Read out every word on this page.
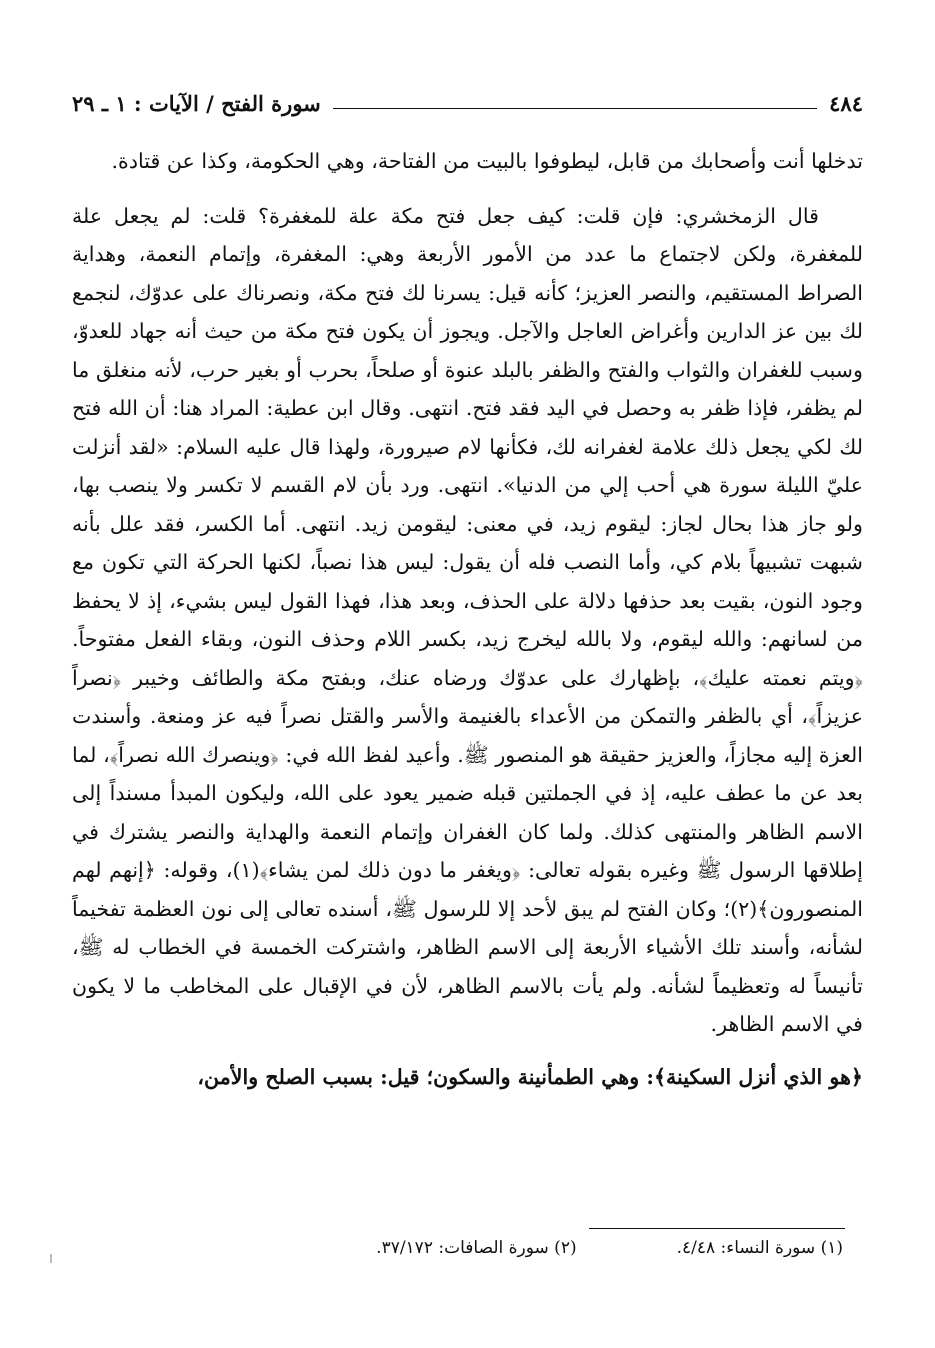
٤٨٤
سورة الفتح / الآيات : ١ ـ ٢٩

تدخلها أنت وأصحابك من قابل، ليطوفوا بالبيت من الفتاحة، وهي الحكومة، وكذا عن قتادة.

قال الزمخشري: فإن قلت: كيف جعل فتح مكة علة للمغفرة؟ قلت: لم يجعل علة للمغفرة، ولكن لاجتماع ما عدد من الأمور الأربعة وهي: المغفرة، وإتمام النعمة، وهداية الصراط المستقيم، والنصر العزيز؛ كأنه قيل: يسرنا لك فتح مكة، ونصرناك على عدوّك، لنجمع لك بين عز الدارين وأغراض العاجل والآجل. ويجوز أن يكون فتح مكة من حيث أنه جهاد للعدوّ، وسبب للغفران والثواب والفتح والظفر بالبلد عنوة أو صلحاً، بحرب أو بغير حرب، لأنه منغلق ما لم يظفر، فإذا ظفر به وحصل في اليد فقد فتح. انتهى. وقال ابن عطية: المراد هنا: أن الله فتح لك لكي يجعل ذلك علامة لغفرانه لك، فكأنها لام صيرورة، ولهذا قال عليه السلام: «لقد أنزلت عليّ الليلة سورة هي أحب إلي من الدنيا». انتهى. ورد بأن لام القسم لا تكسر ولا ينصب بها، ولو جاز هذا بحال لجاز: ليقوم زيد، في معنى: ليقومن زيد. انتهى. أما الكسر، فقد علل بأنه شبهت تشبيهاً بلام كي، وأما النصب فله أن يقول: ليس هذا نصباً، لكنها الحركة التي تكون مع وجود النون، بقيت بعد حذفها دلالة على الحذف، وبعد هذا، فهذا القول ليس بشيء، إذ لا يحفظ من لسانهم: والله ليقوم، ولا بالله ليخرج زيد، بكسر اللام وحذف النون، وبقاء الفعل مفتوحاً. ﴿ويتم نعمته عليك﴾، بإظهارك على عدوّك ورضاه عنك، وبفتح مكة والطائف وخيبر ﴿نصراً عزيزاً﴾، أي بالظفر والتمكن من الأعداء بالغنيمة والأسر والقتل نصراً فيه عز ومنعة. وأسندت العزة إليه مجازاً، والعزيز حقيقة هو المنصور ﷺ. وأعيد لفظ الله في: ﴿وينصرك الله نصراً﴾، لما بعد عن ما عطف عليه، إذ في الجملتين قبله ضمير يعود على الله، وليكون المبدأ مسنداً إلى الاسم الظاهر والمنتهى كذلك. ولما كان الغفران وإتمام النعمة والهداية والنصر يشترك في إطلاقها الرسول ﷺ وغيره بقوله تعالى: ﴿ويغفر ما دون ذلك لمن يشاء﴾(١)، وقوله: ﴿إنهم لهم المنصورون﴾(٢)؛ وكان الفتح لم يبق لأحد إلا للرسول ﷺ، أسنده تعالى إلى نون العظمة تفخيماً لشأنه، وأسند تلك الأشياء الأربعة إلى الاسم الظاهر، واشتركت الخمسة في الخطاب له ﷺ، تأنيساً له وتعظيماً لشأنه. ولم يأت بالاسم الظاهر، لأن في الإقبال على المخاطب ما لا يكون في الاسم الظاهر.

﴿هو الذي أنزل السكينة﴾: وهي الطمأنينة والسكون؛ قيل: بسبب الصلح والأمن،

(١) سورة النساء: ٤/٤٨.
(٢) سورة الصافات: ٣٧/١٧٢.
